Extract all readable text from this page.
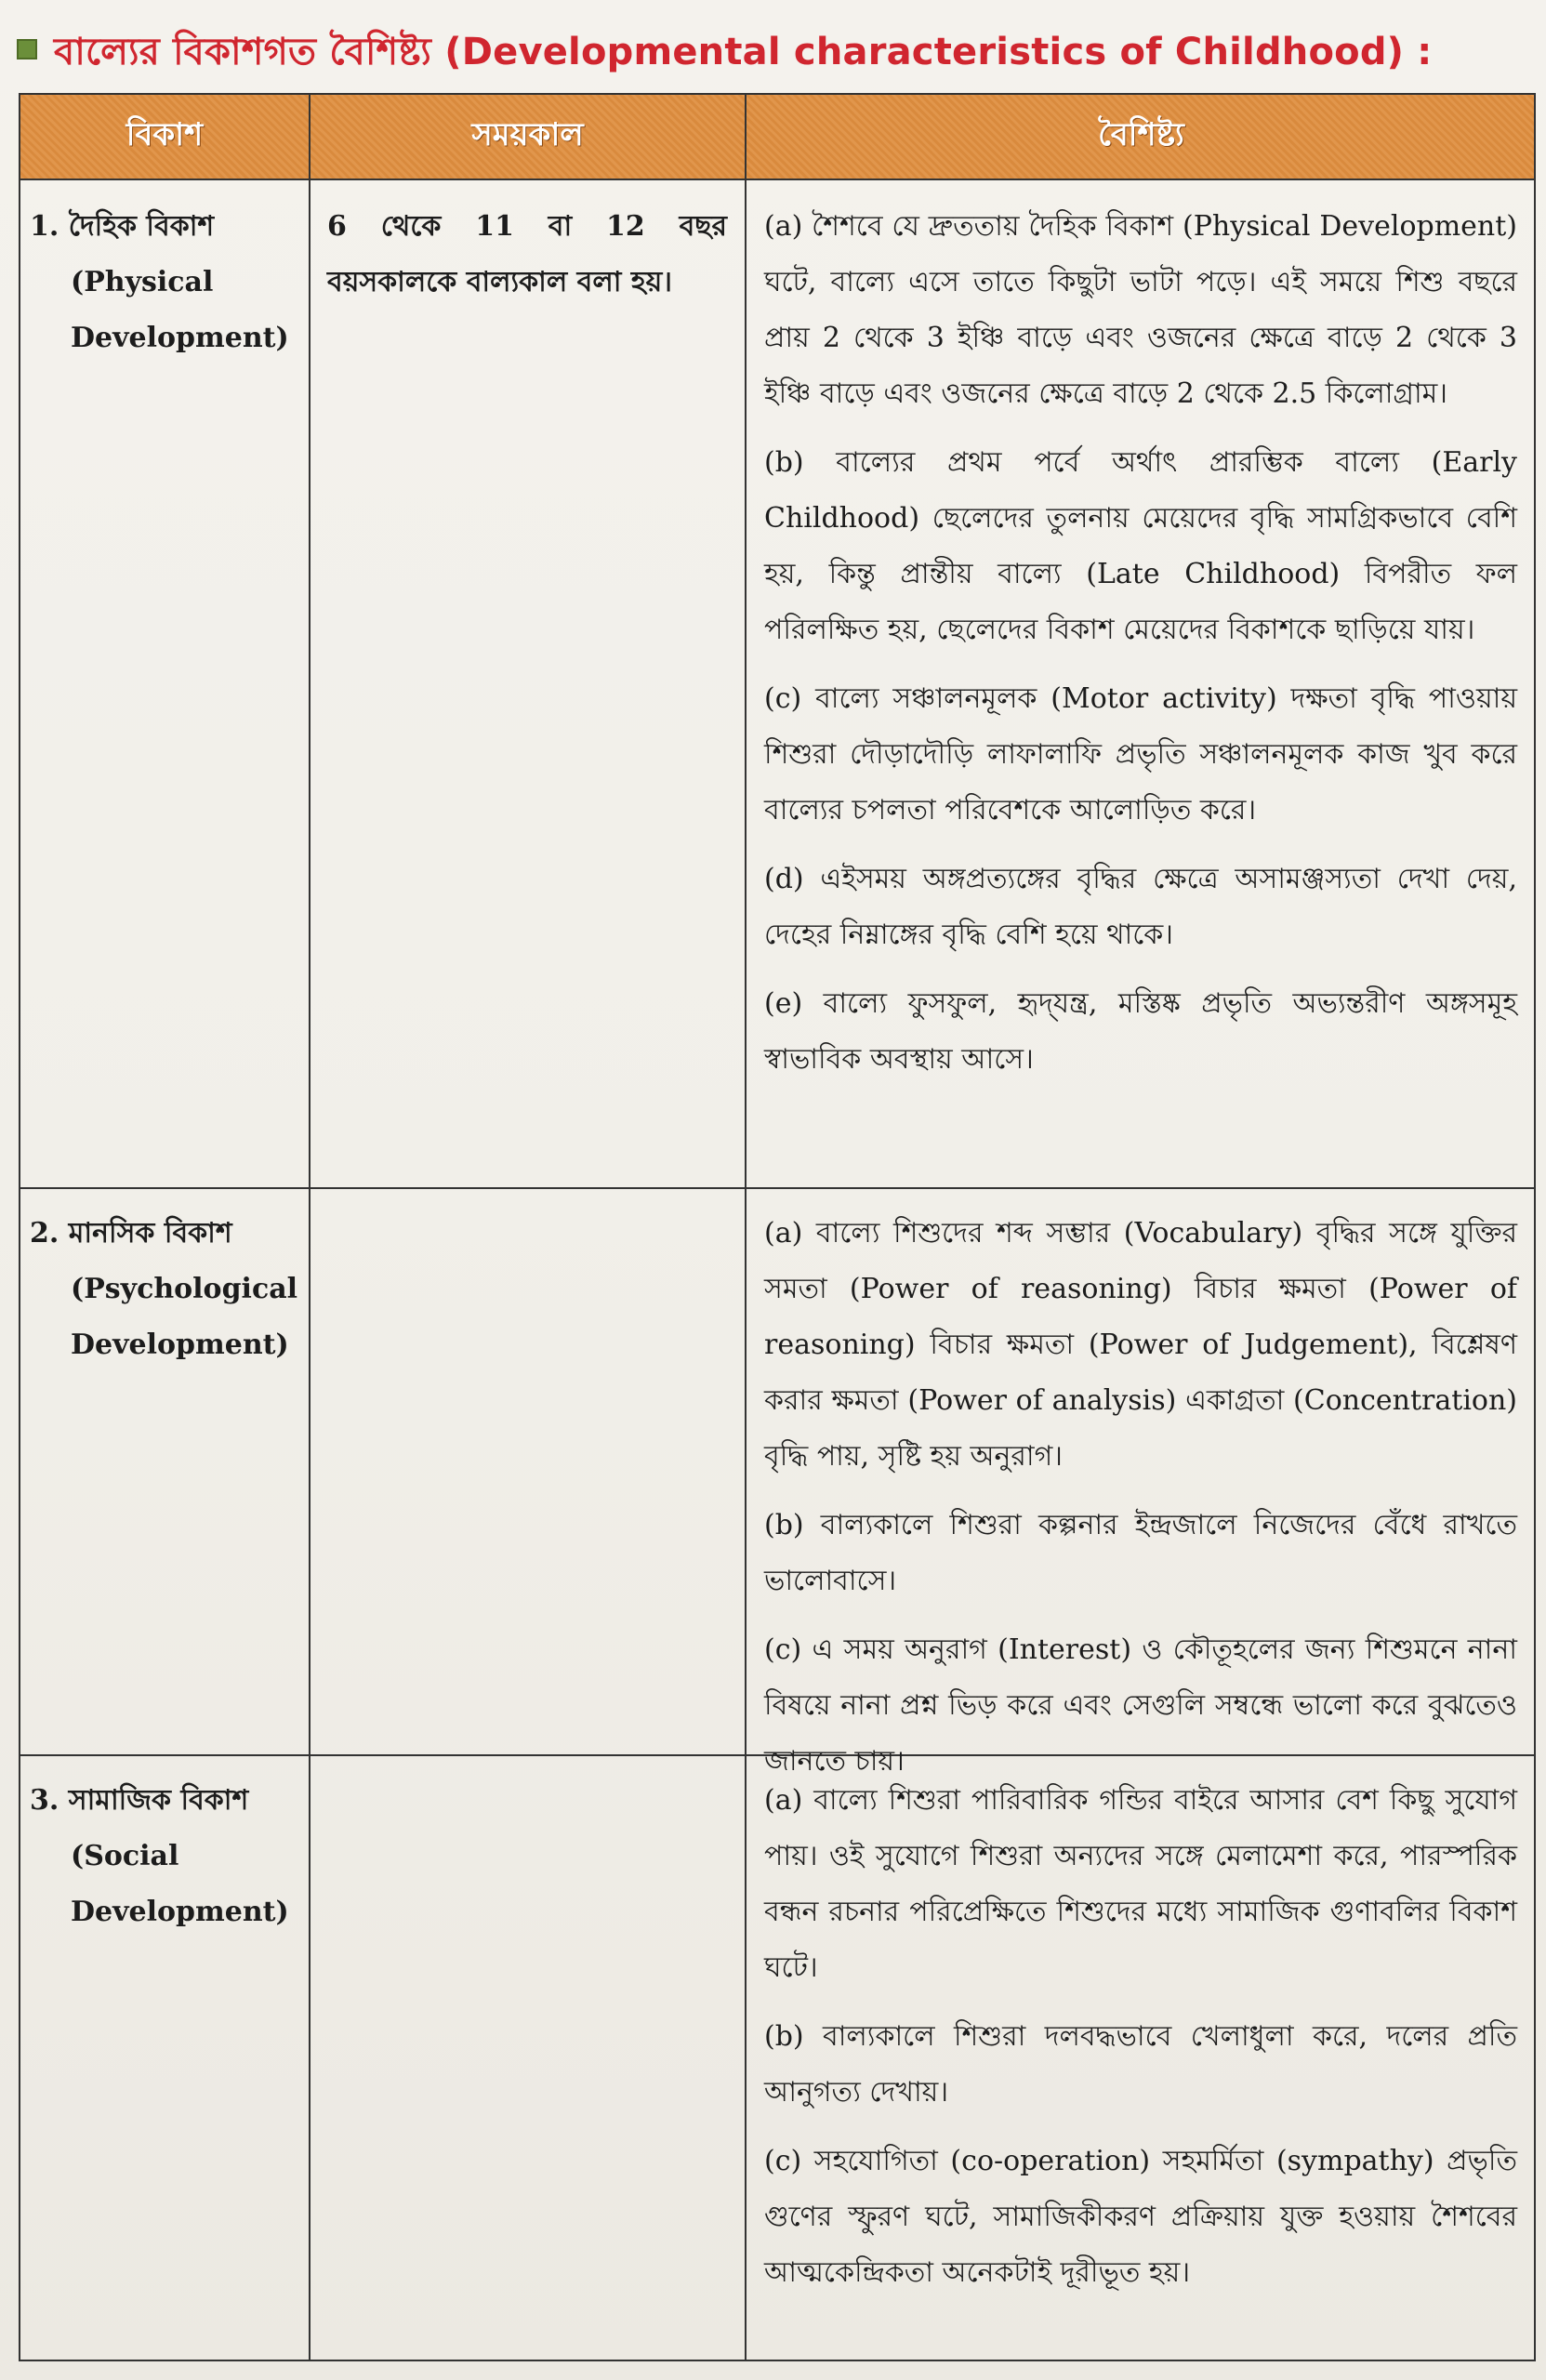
বাল্যের বিকাশগত বৈশিষ্ট্য (Developmental characteristics of Childhood) :
বিকাশ	সময়কাল	বৈশিষ্ট্য
1. দৈহিক বিকাশ
(Physical
Development)
6 থেকে 11 বা 12 বছর বয়সকালকে বাল্যকাল বলা হয়।
(a) শৈশবে যে দ্রুততায় দৈহিক বিকাশ (Physical Development) ঘটে, বাল্যে এসে তাতে কিছুটা ভাটা পড়ে। এই সময়ে শিশু বছরে প্রায় 2 থেকে 3 ইঞ্চি বাড়ে এবং ওজনের ক্ষেত্রে বাড়ে 2 থেকে 3 ইঞ্চি বাড়ে এবং ওজনের ক্ষেত্রে বাড়ে 2 থেকে 2.5 কিলোগ্রাম।
(b) বাল্যের প্রথম পর্বে অর্থাৎ প্রারম্ভিক বাল্যে (Early Childhood) ছেলেদের তুলনায় মেয়েদের বৃদ্ধি সামগ্রিকভাবে বেশি হয়, কিন্তু প্রান্তীয় বাল্যে (Late Childhood) বিপরীত ফল পরিলক্ষিত হয়, ছেলেদের বিকাশ মেয়েদের বিকাশকে ছাড়িয়ে যায়।
(c) বাল্যে সঞ্চালনমূলক (Motor activity) দক্ষতা বৃদ্ধি পাওয়ায় শিশুরা দৌড়াদৌড়ি লাফালাফি প্রভৃতি সঞ্চালনমূলক কাজ খুব করে বাল্যের চপলতা পরিবেশকে আলোড়িত করে।
(d) এইসময় অঙ্গপ্রত্যঙ্গের বৃদ্ধির ক্ষেত্রে অসামঞ্জস্যতা দেখা দেয়, দেহের নিম্নাঙ্গের বৃদ্ধি বেশি হয়ে থাকে।
(e) বাল্যে ফুসফুল, হৃদ্‌যন্ত্র, মস্তিষ্ক প্রভৃতি অভ্যন্তরীণ অঙ্গসমূহ স্বাভাবিক অবস্থায় আসে।
2. মানসিক বিকাশ
(Psychological
Development)
(a) বাল্যে শিশুদের শব্দ সম্ভার (Vocabulary) বৃদ্ধির সঙ্গে যুক্তির সমতা (Power of reasoning) বিচার ক্ষমতা (Power of reasoning) বিচার ক্ষমতা (Power of Judgement), বিশ্লেষণ করার ক্ষমতা (Power of analysis) একাগ্রতা (Concentration) বৃদ্ধি পায়, সৃষ্টি হয় অনুরাগ।
(b) বাল্যকালে শিশুরা কল্পনার ইন্দ্রজালে নিজেদের বেঁধে রাখতে ভালোবাসে।
(c) এ সময় অনুরাগ (Interest) ও কৌতূহলের জন্য শিশুমনে নানা বিষয়ে নানা প্রশ্ন ভিড় করে এবং সেগুলি সম্বন্ধে ভালো করে বুঝতেও জানতে চায়।
3. সামাজিক বিকাশ
(Social
Development)
(a) বাল্যে শিশুরা পারিবারিক গন্ডির বাইরে আসার বেশ কিছু সুযোগ পায়। ওই সুযোগে শিশুরা অন্যদের সঙ্গে মেলামেশা করে, পারস্পরিক বন্ধন রচনার পরিপ্রেক্ষিতে শিশুদের মধ্যে সামাজিক গুণাবলির বিকাশ ঘটে।
(b) বাল্যকালে শিশুরা দলবদ্ধভাবে খেলাধুলা করে, দলের প্রতি আনুগত্য দেখায়।
(c) সহযোগিতা (co-operation) সহমর্মিতা (sympathy) প্রভৃতি গুণের স্ফুরণ ঘটে, সামাজিকীকরণ প্রক্রিয়ায় যুক্ত হওয়ায় শৈশবের আত্মকেন্দ্রিকতা অনেকটাই দূরীভূত হয়।
